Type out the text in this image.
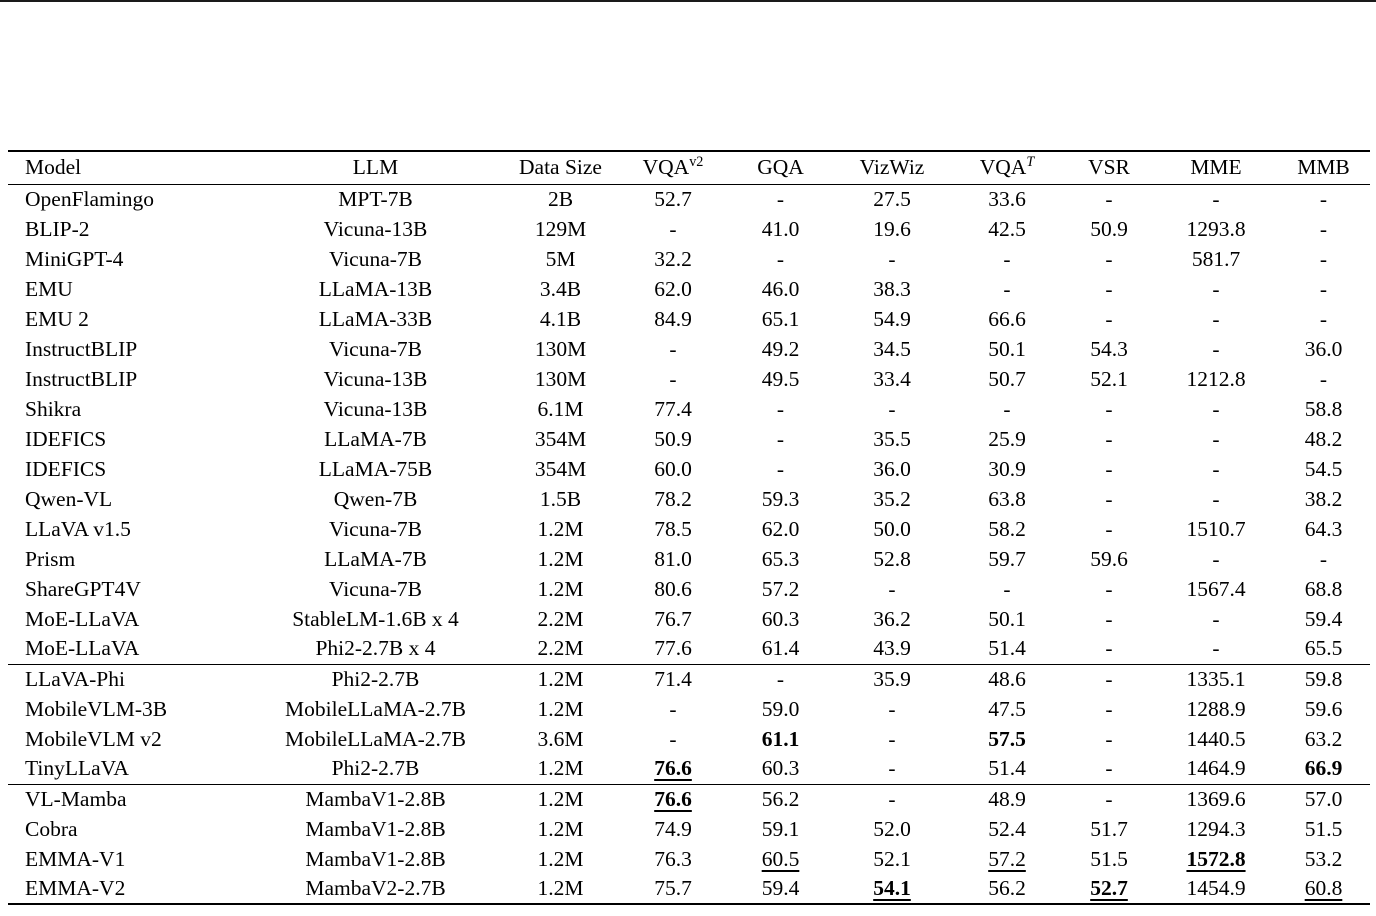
Model	LLM	Data Size	$VQA^{v2}$	GQA	VizWiz	$VQA^T$	VSR	MME	MMB
OpenFlamingo	MPT-7B	2B	52.7	-	27.5	33.6	-	-	-
BLIP-2	Vicuna-13B	129M	-	41.0	19.6	42.5	50.9	1293.8	-
MiniGPT-4	Vicuna-7B	5M	32.2	-	-	-	-	581.7	-
EMU	LLaMA-13B	3.4B	62.0	46.0	38.3	-	-	-	-
EMU 2	LLaMA-33B	4.1B	84.9	65.1	54.9	66.6	-	-	-
InstructBLIP	Vicuna-7B	130M	-	49.2	34.5	50.1	54.3	-	36.0
InstructBLIP	Vicuna-13B	130M	-	49.5	33.4	50.7	52.1	1212.8	-
Shikra	Vicuna-13B	6.1M	77.4	-	-	-	-	-	58.8
IDEFICS	LLaMA-7B	354M	50.9	-	35.5	25.9	-	-	48.2
IDEFICS	LLaMA-75B	354M	60.0	-	36.0	30.9	-	-	54.5
Qwen-VL	Qwen-7B	1.5B	78.2	59.3	35.2	63.8	-	-	38.2
LLaVA v1.5	Vicuna-7B	1.2M	78.5	62.0	50.0	58.2	-	1510.7	64.3
Prism	LLaMA-7B	1.2M	81.0	65.3	52.8	59.7	59.6	-	-
ShareGPT4V	Vicuna-7B	1.2M	80.6	57.2	-	-	-	1567.4	68.8
MoE-LLaVA	StableLM-1.6B x 4	2.2M	76.7	60.3	36.2	50.1	-	-	59.4
MoE-LLaVA	Phi2-2.7B x 4	2.2M	77.6	61.4	43.9	51.4	-	-	65.5
LLaVA-Phi	Phi2-2.7B	1.2M	71.4	-	35.9	48.6	-	1335.1	59.8
MobileVLM-3B	MobileLLaMA-2.7B	1.2M	-	59.0	-	47.5	-	1288.9	59.6
MobileVLM v2	MobileLLaMA-2.7B	3.6M	-	61.1	-	57.5	-	1440.5	63.2
TinyLLaVA	Phi2-2.7B	1.2M	76.6	60.3	-	51.4	-	1464.9	66.9
VL-Mamba	MambaV1-2.8B	1.2M	76.6	56.2	-	48.9	-	1369.6	57.0
Cobra	MambaV1-2.8B	1.2M	74.9	59.1	52.0	52.4	51.7	1294.3	51.5
EMMA-V1	MambaV1-2.8B	1.2M	76.3	60.5	52.1	57.2	51.5	1572.8	53.2
EMMA-V2	MambaV2-2.7B	1.2M	75.7	59.4	54.1	56.2	52.7	1454.9	60.8
